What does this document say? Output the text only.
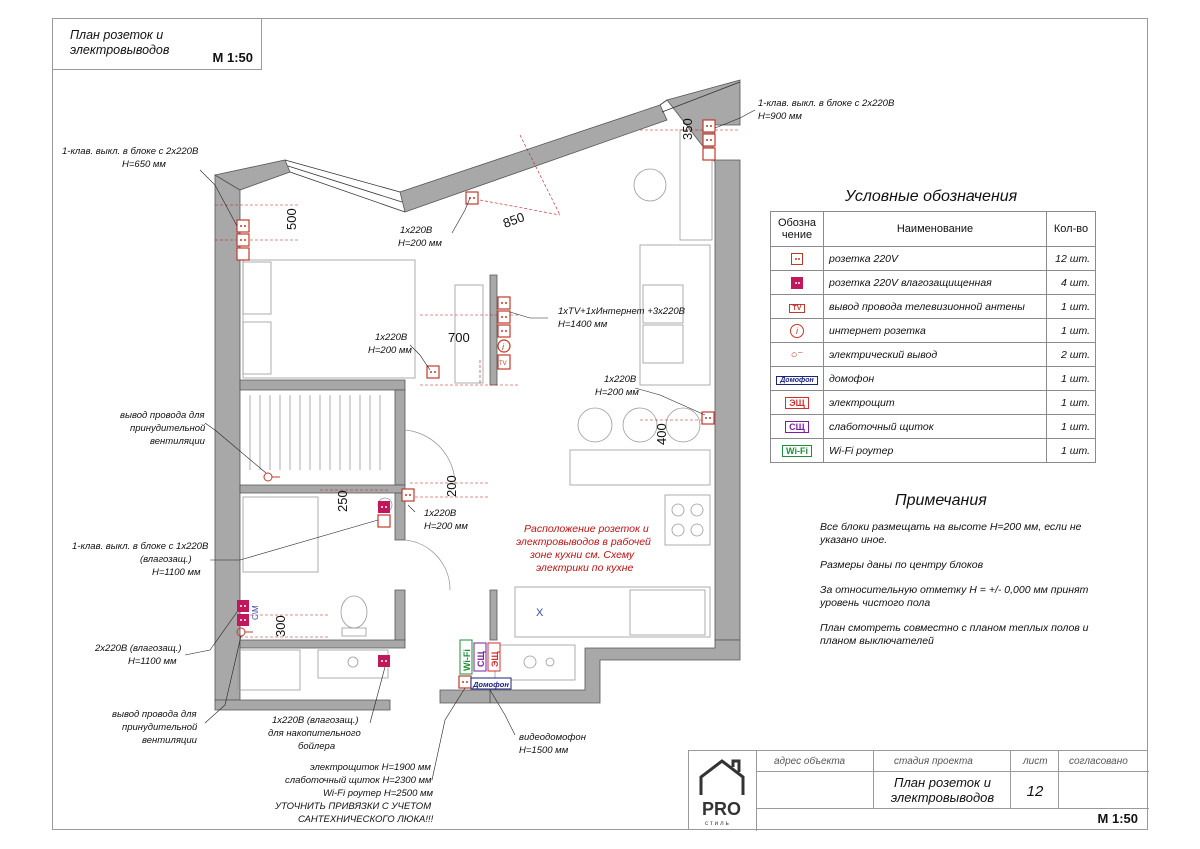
План розеток и
электровыводов	М 1:50
500	850
350
700
400
200
250
300
i
TV
Wi-Fi СЩ ЭЩ
Домофон
X
С\М
1-клав. выкл. в блоке с 2х220В
H=650 мм
1-клав. выкл. в блоке с 2х220В
H=900 мм
1х220В
H=200 мм
1хTV+1хИнтернет +3х220В
H=1400 мм
1х220В
H=200 мм
1х220В
H=200 мм
вывод провода для
принудительной
вентиляции
1х220В
H=200 мм
1-клав. выкл. в блоке с 1х220В
(влагозащ.)
H=1100 мм
2х220В (влагозащ.)
H=1100 мм
вывод провода для
принудительной
вентиляции
1х220В (влагозащ.)
для накопительного
бойлера
электрощиток H=1900 мм
слаботочный щиток H=2300 мм
Wi-Fi роутер H=2500 мм
УТОЧНИТЬ ПРИВЯЗКИ С УЧЕТОМ
САНТЕХНИЧЕСКОГО ЛЮКА!!!
видеодомофон
H=1500 мм
Расположение розеток и
электровыводов в рабочей
зоне кухни см. Схему
электрики по кухне
Условные обозначения
Обозна
чение	Наименование	Кол-во

	розетка 220V	12 шт.

	розетка 220V влагозащищенная	4 шт.
TV	вывод провода телевизионной антены	1 шт.
i	интернет розетка	1 шт.
○⁻	электрический вывод	2 шт.
Домофон	домофон	1 шт.
ЭЩ	электрощит	1 шт.
СЩ	слаботочный щиток	1 шт.
Wi-Fi	Wi-Fi роутер	1 шт.
Примечания

Все блоки размещать на высоте H=200 мм, если не указано иное.

Размеры даны по центру блоков

За относительную отметку H = +/- 0,000 мм принят уровень чистого пола

План смотреть совместно с планом теплых полов и планом выключателей

PRO
стиль
адрес объекта	стадия проекта	лист согласовано
План розеток и
электровыводов	12
М 1:50
